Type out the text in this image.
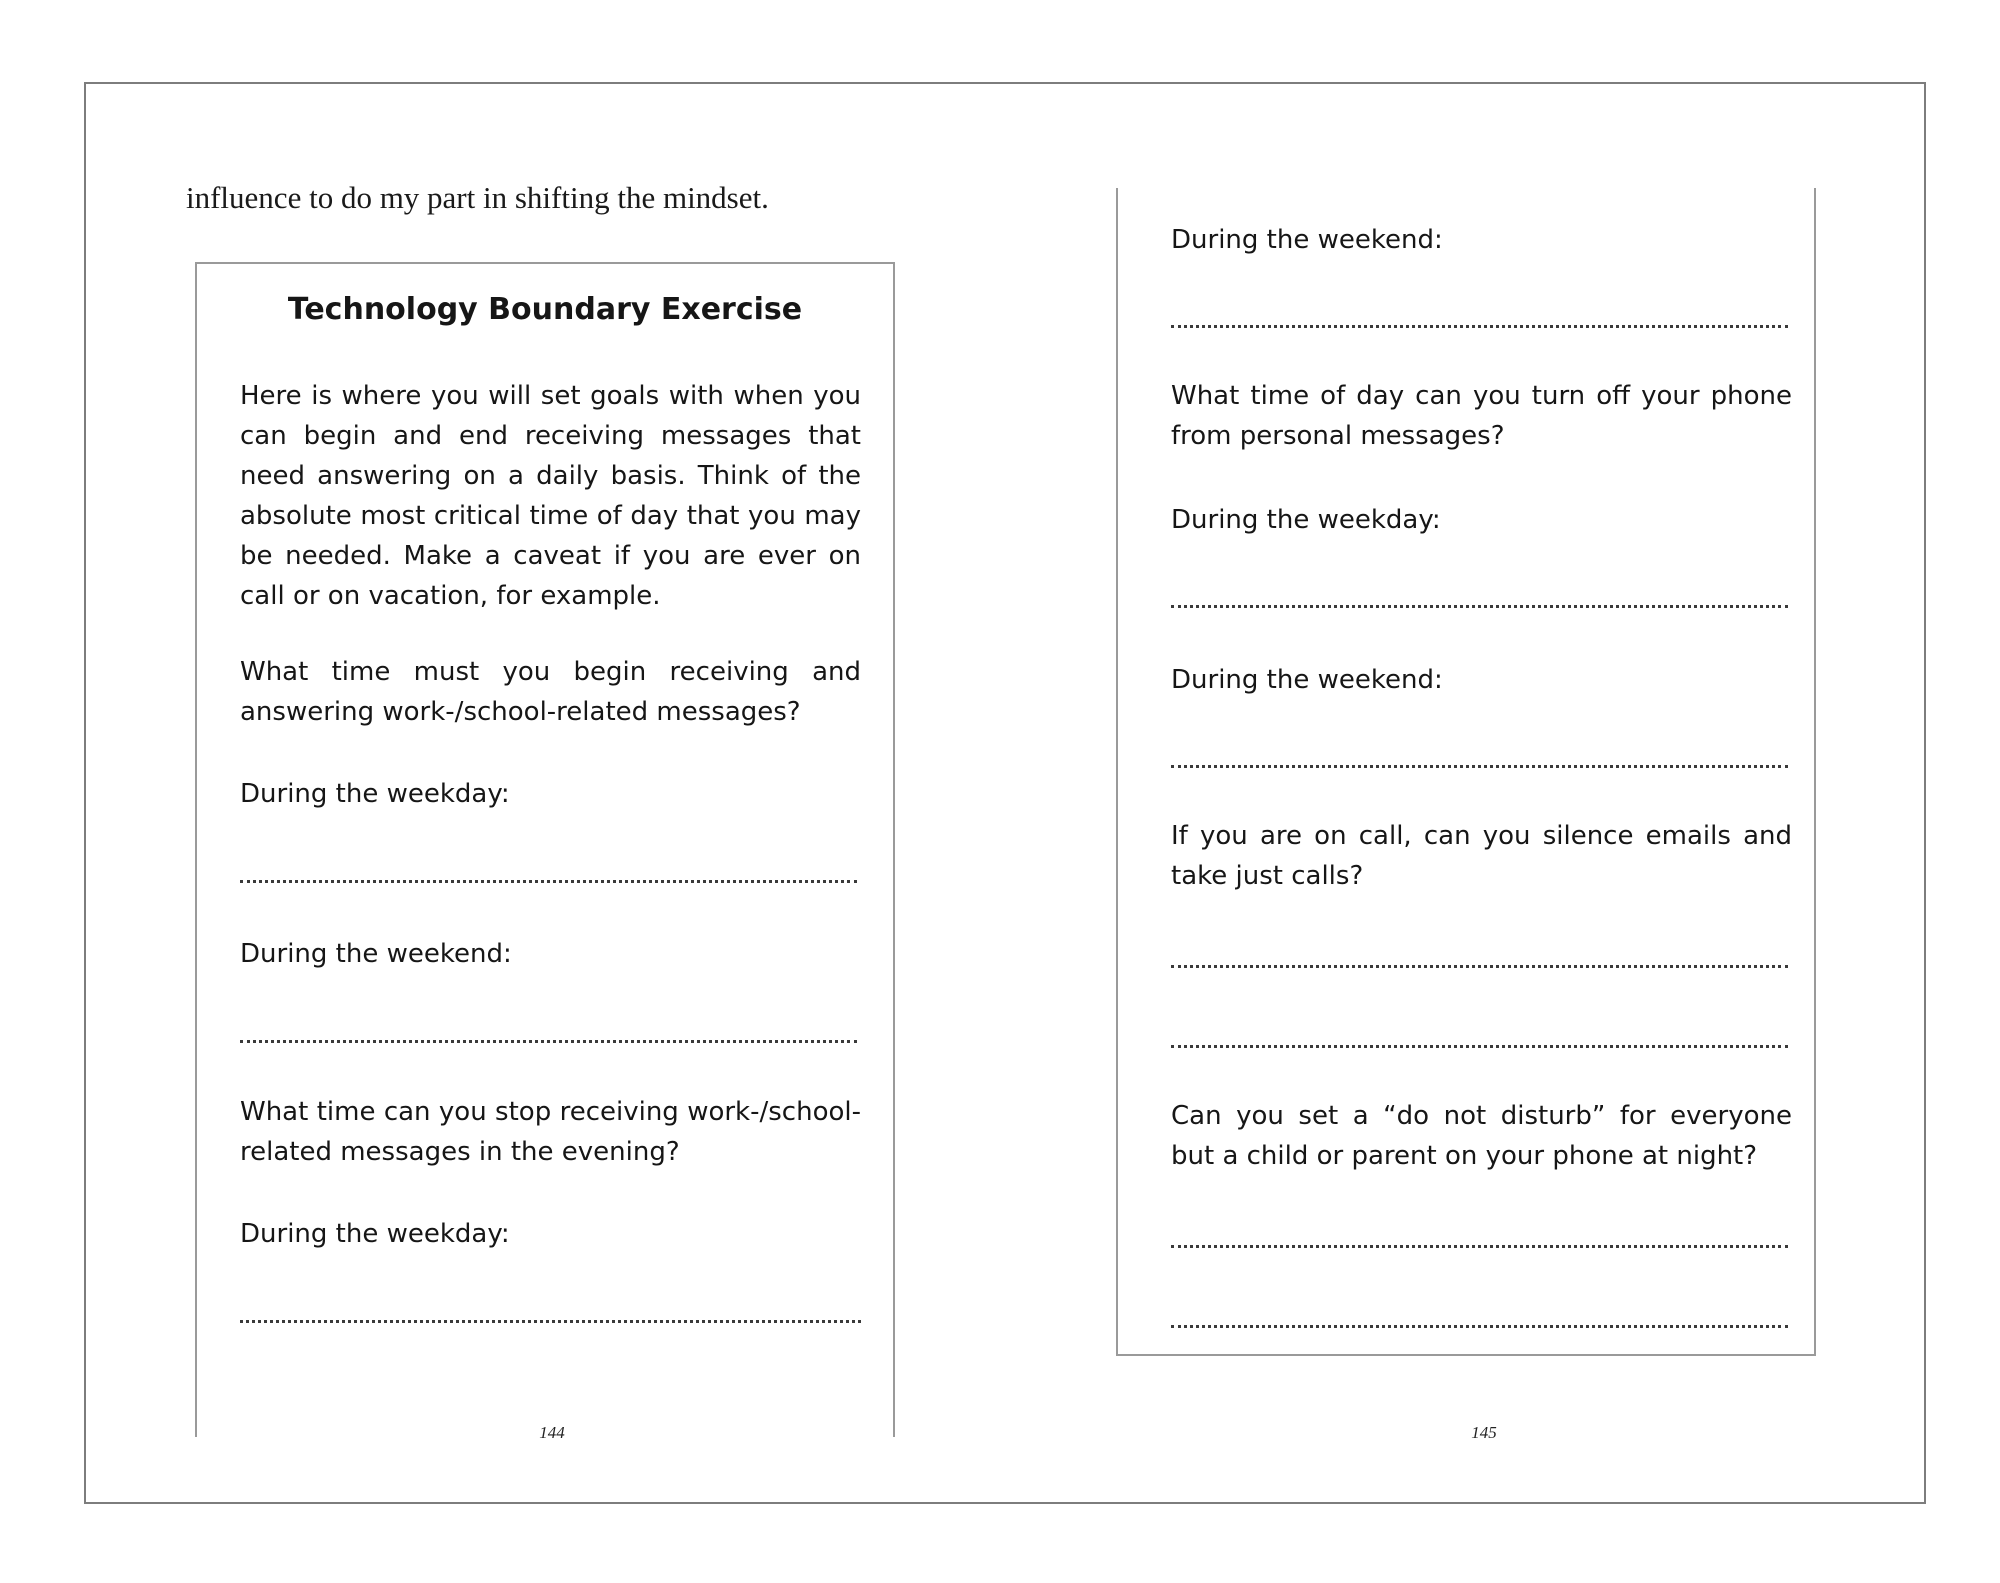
influence to do my part in shifting the mindset.
Technology Boundary Exercise
Here is where you will set goals with when you can begin and end receiving messages that need answering on a daily basis. Think of the absolute most critical time of day that you may be needed. Make a caveat if you are ever on call or on vacation, for example.
What time must you begin receiving and answering work-/school-related messages?
During the weekday:
During the weekend:
What time can you stop receiving work-/school-related messages in the evening?
During the weekday:
144
During the weekend:
What time of day can you turn off your phone from personal messages?
During the weekday:
During the weekend:
If you are on call, can you silence emails and take just calls?
Can you set a “do not disturb” for everyone but a child or parent on your phone at night?
145
